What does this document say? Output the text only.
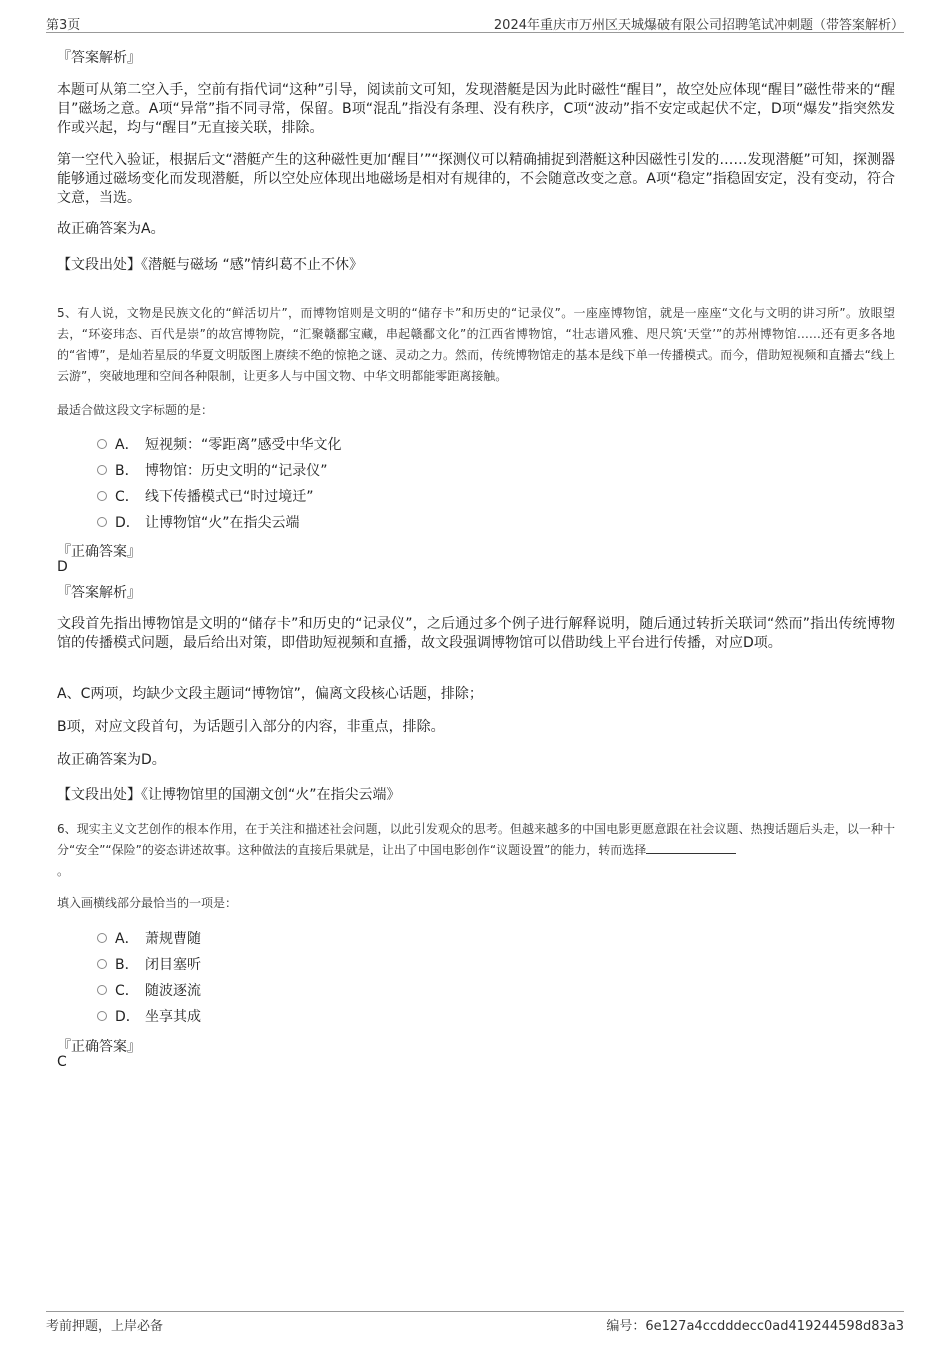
第3页	2024年重庆市万州区天城爆破有限公司招聘笔试冲刺题（带答案解析）
『答案解析』
本题可从第二空入手，空前有指代词“这种”引导，阅读前文可知，发现潜艇是因为此时磁性“醒目”，故空处应体现“醒目”磁性带来的“醒目”磁场之意。A项“异常”指不同寻常，保留。B项“混乱”指没有条理、没有秩序，C项“波动”指不安定或起伏不定，D项“爆发”指突然发作或兴起，均与“醒目”无直接关联，排除。
第一空代入验证，根据后文“潜艇产生的这种磁性更加‘醒目’”“探测仪可以精确捕捉到潜艇这种因磁性引发的……发现潜艇”可知，探测器能够通过磁场变化而发现潜艇，所以空处应体现出地磁场是相对有规律的，不会随意改变之意。A项“稳定”指稳固安定，没有变动，符合文意，当选。
故正确答案为A。
【文段出处】《潜艇与磁场 “感”情纠葛不止不休》
5、有人说，文物是民族文化的“鲜活切片”，而博物馆则是文明的“储存卡”和历史的“记录仪”。一座座博物馆，就是一座座“文化与文明的讲习所”。放眼望去，“环姿玮态、百代是崇”的故宫博物院，“汇聚赣鄱宝藏，串起赣鄱文化”的江西省博物馆，“壮志谱风雅、咫尺筑‘天堂’”的苏州博物馆……还有更多各地的“省博”，是灿若星辰的华夏文明版图上赓续不绝的惊艳之谜、灵动之力。然而，传统博物馆走的基本是线下单一传播模式。而今，借助短视频和直播去“线上云游”，突破地理和空间各种限制，让更多人与中国文物、中华文明都能零距离接触。
最适合做这段文字标题的是：
A． 短视频：“零距离”感受中华文化
B． 博物馆：历史文明的“记录仪”
C． 线下传播模式已“时过境迁”
D． 让博物馆“火”在指尖云端
『正确答案』
D
『答案解析』
文段首先指出博物馆是文明的“储存卡”和历史的“记录仪”，之后通过多个例子进行解释说明，随后通过转折关联词“然而”指出传统博物馆的传播模式问题，最后给出对策，即借助短视频和直播，故文段强调博物馆可以借助线上平台进行传播，对应D项。
A、C两项，均缺少文段主题词“博物馆”，偏离文段核心话题，排除；
B项，对应文段首句，为话题引入部分的内容，非重点，排除。
故正确答案为D。
【文段出处】《让博物馆里的国潮文创“火”在指尖云端》
6、现实主义文艺创作的根本作用，在于关注和描述社会问题，以此引发观众的思考。但越来越多的中国电影更愿意跟在社会议题、热搜话题后头走，以一种十分“安全”“保险”的姿态讲述故事。这种做法的直接后果就是，让出了中国电影创作“议题设置”的能力，转而选择
。
填入画横线部分最恰当的一项是：
A． 萧规曹随
B． 闭目塞听
C． 随波逐流
D． 坐享其成
『正确答案』
C
考前押题，上岸必备	编号：6e127a4ccdddecc0ad419244598d83a3
